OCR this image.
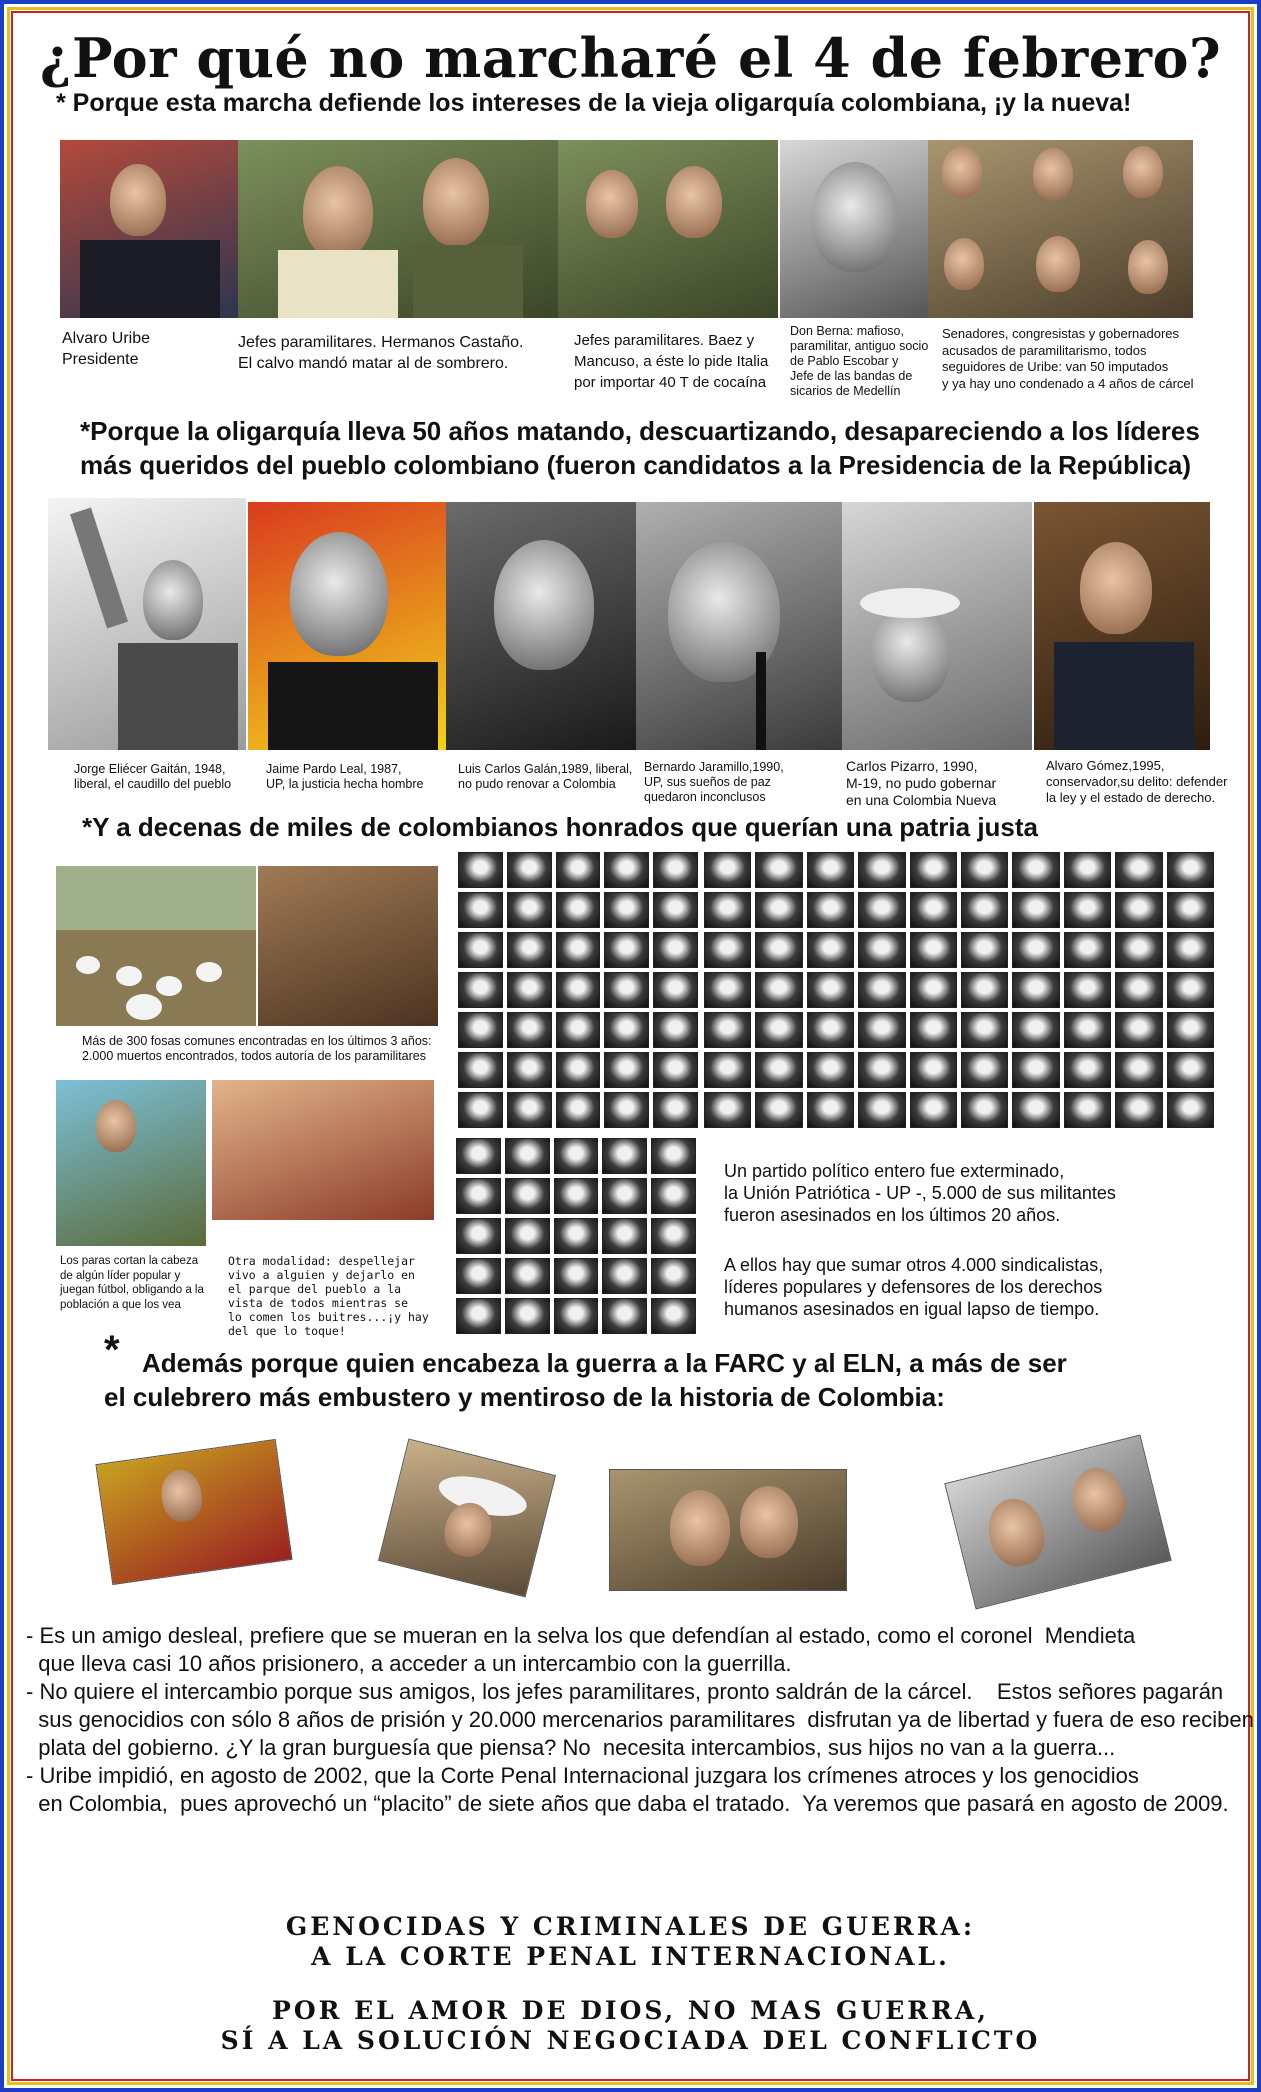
¿Por qué no marcharé el 4 de febrero?
* Porque esta marcha defiende los intereses de la vieja oligarquía colombiana, ¡y la nueva!
Alvaro Uribe
Presidente
Jefes paramilitares. Hermanos Castaño.
El calvo mandó matar al de sombrero.
Jefes paramilitares. Baez y
Mancuso, a éste lo pide Italia
por importar 40 T de cocaína
Don Berna: mafioso,
paramilitar, antiguo socio
de Pablo Escobar y
Jefe de las bandas de
sicarios de Medellín
Senadores, congresistas y gobernadores
acusados de paramilitarismo, todos
seguidores de Uribe: van 50 imputados
y ya hay uno condenado a 4 años de cárcel
*Porque la oligarquía lleva 50 años matando, descuartizando, desapareciendo a los líderes
más queridos del pueblo colombiano (fueron candidatos a la Presidencia de la República)
Jorge Eliécer Gaitán, 1948,
liberal, el caudillo del pueblo
Jaime Pardo Leal, 1987,
UP, la justicia hecha hombre
Luis Carlos Galán,1989, liberal,
no pudo renovar a Colombia
Bernardo Jaramillo,1990,
UP, sus sueños de paz
quedaron inconclusos
Carlos Pizarro, 1990,
M-19, no pudo gobernar
en una Colombia Nueva
Alvaro Gómez,1995,
conservador,su delito: defender
la ley y el estado de derecho.
*Y a decenas de miles de colombianos honrados que querían una patria justa
Más de 300 fosas comunes encontradas en los últimos 3 años:
2.000 muertos encontrados, todos autoría de los paramilitares
Los paras cortan la cabeza
de algún líder popular y
juegan fútbol, obligando a la
población a que los vea
Otra modalidad: despellejar
vivo a alguien y dejarlo en
el parque del pueblo a la
vista de todos mientras se
lo comen los buitres...¡y hay
del que lo toque!
Un partido político entero fue exterminado,
la Unión Patriótica - UP -, 5.000 de sus militantes
fueron asesinados en los últimos 20 años.
A ellos hay que sumar otros 4.000 sindicalistas,
líderes populares y defensores de los derechos
humanos asesinados en igual lapso de tiempo.
* Además porque quien encabeza la guerra a la FARC y al ELN, a más de ser
el culebrero más embustero y mentiroso de la historia de Colombia:
- Es un amigo desleal, prefiere que se mueran en la selva los que defendían al estado, como el coronel  Mendieta
que lleva casi 10 años prisionero, a acceder a un intercambio con la guerrilla.
- No quiere el intercambio porque sus amigos, los jefes paramilitares, pronto saldrán de la cárcel.    Estos señores pagarán
sus genocidios con sólo 8 años de prisión y 20.000 mercenarios paramilitares  disfrutan ya de libertad y fuera de eso reciben
plata del gobierno. ¿Y la gran burguesía que piensa? No  necesita intercambios, sus hijos no van a la guerra...
- Uribe impidió, en agosto de 2002, que la Corte Penal Internacional juzgara los crímenes atroces y los genocidios
en Colombia,  pues aprovechó un “placito” de siete años que daba el tratado.  Ya veremos que pasará en agosto de 2009.
GENOCIDAS Y CRIMINALES DE GUERRA:
A LA CORTE PENAL INTERNACIONAL.
POR EL AMOR DE DIOS, NO MAS GUERRA,
SÍ A LA SOLUCIÓN NEGOCIADA DEL CONFLICTO
